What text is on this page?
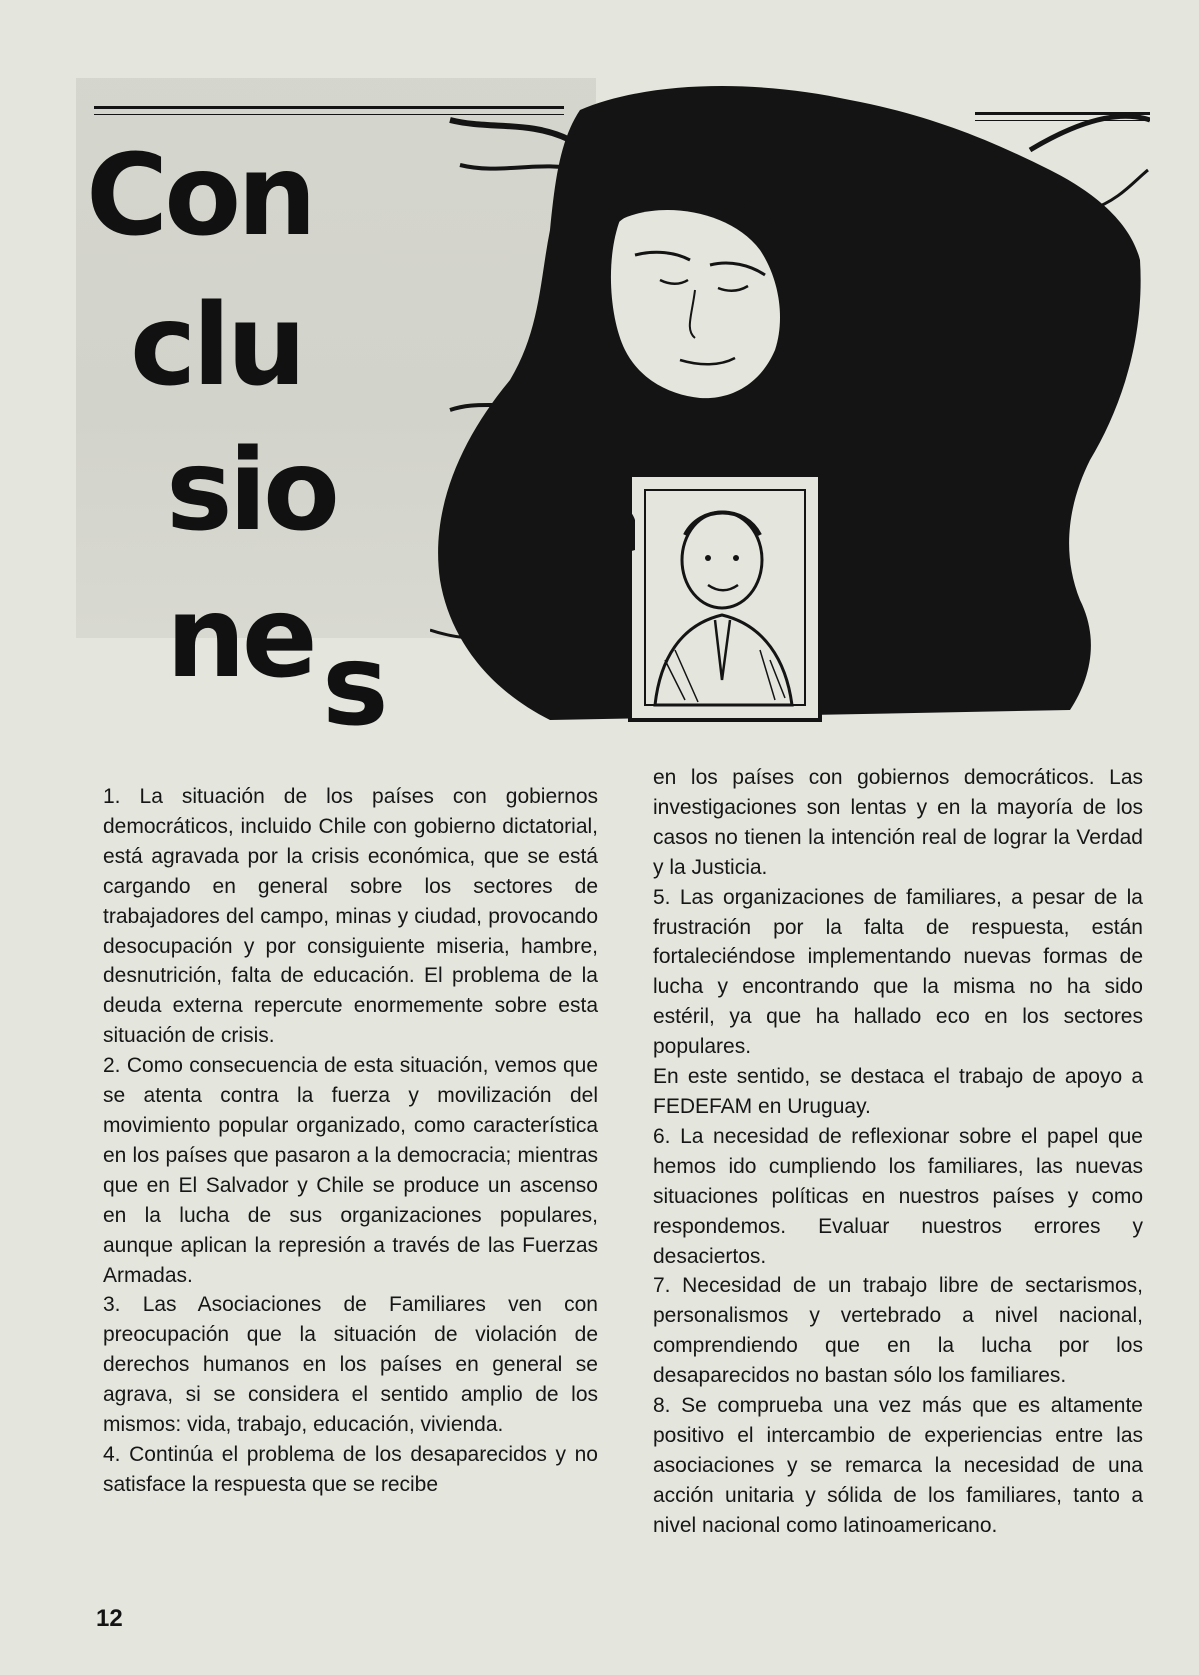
Con
clu
sio
ne s

1. La situación de los países con gobiernos democráticos, incluido Chile con gobierno dictatorial, está agravada por la crisis económica, que se está cargando en general sobre los sectores de trabajadores del campo, minas y ciudad, provocando desocupación y por consiguiente miseria, hambre, desnutrición, falta de educación. El problema de la deuda externa repercute enormemente sobre esta situación de crisis.

2. Como consecuencia de esta situación, vemos que se atenta contra la fuerza y movilización del movimiento popular organizado, como característica en los países que pasaron a la democracia; mientras que en El Salvador y Chile se produce un ascenso en la lucha de sus organizaciones populares, aunque aplican la represión a través de las Fuerzas Armadas.

3. Las Asociaciones de Familiares ven con preocupación que la situación de violación de derechos humanos en los países en general se agrava, si se considera el sentido amplio de los mismos: vida, trabajo, educación, vivienda.

4. Continúa el problema de los desaparecidos y no satisface la respuesta que se recibe

en los países con gobiernos democráticos. Las investigaciones son lentas y en la mayoría de los casos no tienen la intención real de lograr la Verdad y la Justicia.

5. Las organizaciones de familiares, a pesar de la frustración por la falta de respuesta, están fortaleciéndose implementando nuevas formas de lucha y encontrando que la misma no ha sido estéril, ya que ha hallado eco en los sectores populares.

En este sentido, se destaca el trabajo de apoyo a FEDEFAM en Uruguay.

6. La necesidad de reflexionar sobre el papel que hemos ido cumpliendo los familiares, las nuevas situaciones políticas en nuestros países y como respondemos. Evaluar nuestros errores y desaciertos.

7. Necesidad de un trabajo libre de sectarismos, personalismos y vertebrado a nivel nacional, comprendiendo que en la lucha por los desaparecidos no bastan sólo los familiares.

8. Se comprueba una vez más que es altamente positivo el intercambio de experiencias entre las asociaciones y se remarca la necesidad de una acción unitaria y sólida de los familiares, tanto a nivel nacional como latinoamericano.

12
